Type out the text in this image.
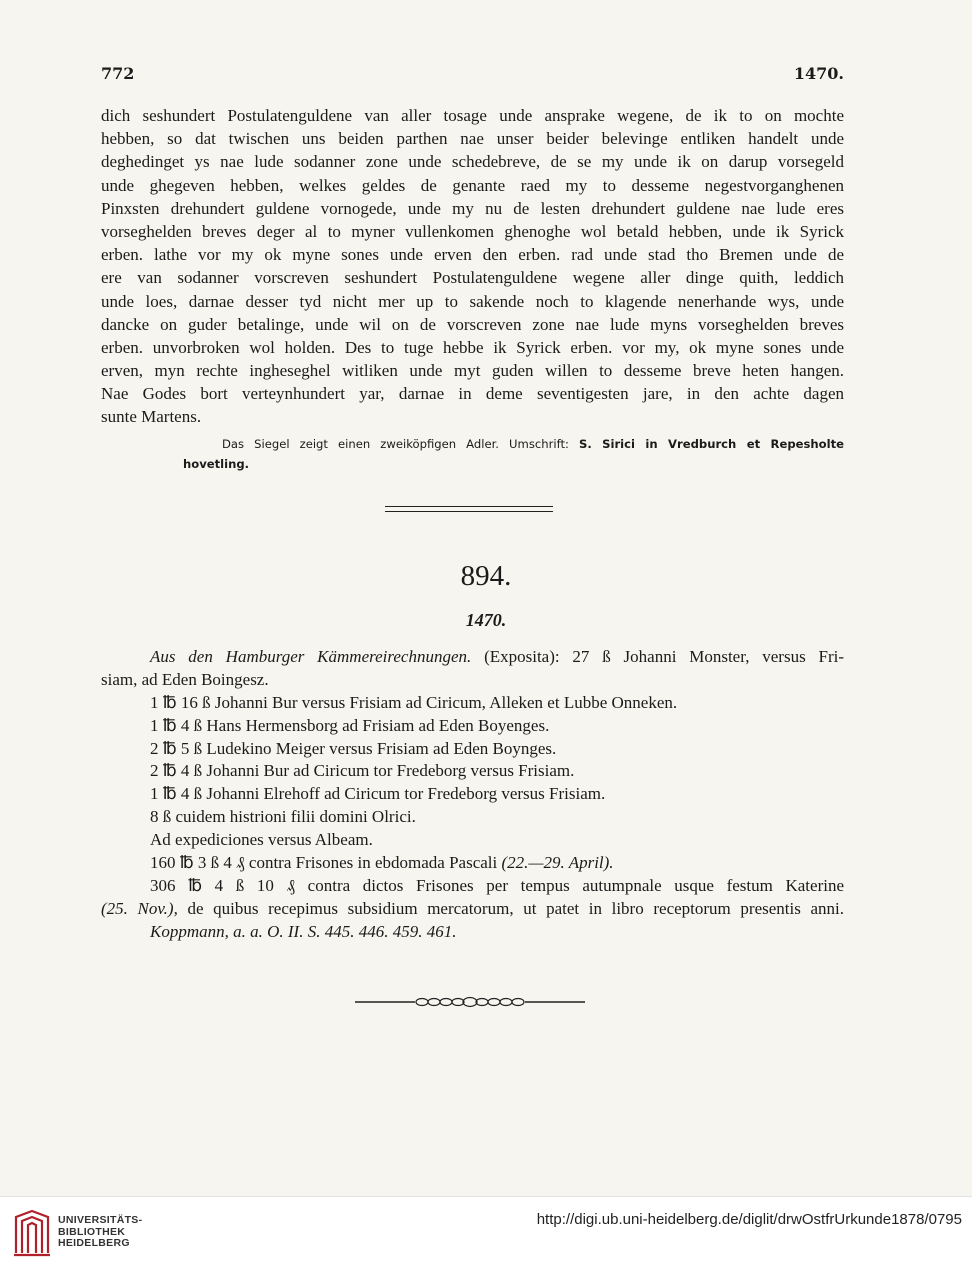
772	1470.
dich seshundert Postulatenguldene van aller tosage unde ansprake wegene, de ik to on mochte
hebben, so dat twischen uns beiden parthen nae unser beider belevinge entliken handelt unde
deghedinget ys nae lude sodanner zone unde schedebreve, de se my unde ik on darup vorsegeld
unde ghegeven hebben, welkes geldes de genante raed my to desseme negestvorganghenen
Pinxsten drehundert guldene vornogede, unde my nu de lesten drehundert guldene nae lude eres
vorseghelden breves deger al to myner vullenkomen ghenoghe wol betald hebben, unde ik Syrick
erben. lathe vor my ok myne sones unde erven den erben. rad unde stad tho Bremen unde de
ere van sodanner vorscreven seshundert Postulatenguldene wegene aller dinge quith, leddich
unde loes, darnae desser tyd nicht mer up to sakende noch to klagende nenerhande wys, unde
dancke on guder betalinge, unde wil on de vorscreven zone nae lude myns vorseghelden breves
erben. unvorbroken wol holden. Des to tuge hebbe ik Syrick erben. vor my, ok myne sones unde
erven, myn rechte ingheseghel witliken unde myt guden willen to desseme breve heten hangen.
Nae Godes bort verteynhundert yar, darnae in deme seventigesten jare, in den achte dagen
sunte Martens.
Das Siegel zeigt einen zweiköpfigen Adler. Umschrift: S. Sirici in Vredburch et Repesholte
hovetling.
894.
1470.
Aus den Hamburger Kämmereirechnungen. (Exposita): 27 ß Johanni Monster, versus Fri-
siam, ad Eden Boingesz.
1 ℔ 16 ß Johanni Bur versus Frisiam ad Ciricum, Alleken et Lubbe Onneken.
1 ℔ 4 ß Hans Hermensborg ad Frisiam ad Eden Boyenges.
2 ℔ 5 ß Ludekino Meiger versus Frisiam ad Eden Boynges.
2 ℔ 4 ß Johanni Bur ad Ciricum tor Fredeborg versus Frisiam.
1 ℔ 4 ß Johanni Elrehoff ad Ciricum tor Fredeborg versus Frisiam.
8 ß cuidem histrioni filii domini Olrici.
Ad expediciones versus Albeam.
160 ℔ 3 ß 4 ₰ contra Frisones in ebdomada Pascali (22.—29. April).
306 ℔ 4 ß 10 ₰ contra dictos Frisones per tempus autumpnale usque festum Katerine
(25. Nov.), de quibus recepimus subsidium mercatorum, ut patet in libro receptorum presentis anni.
Koppmann, a. a. O. II. S. 445. 446. 459. 461.
UNIVERSITÄTS-
BIBLIOTHEK
HEIDELBERG
http://digi.ub.uni-heidelberg.de/diglit/drwOstfrUrkunde1878/0795
